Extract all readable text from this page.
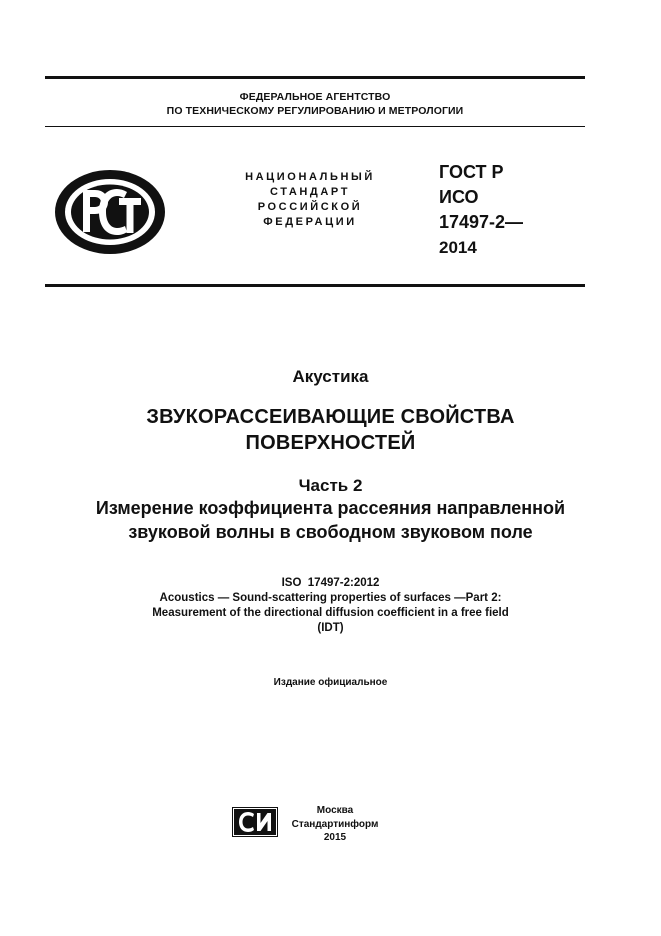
ФЕДЕРАЛЬНОЕ АГЕНТСТВО
ПО ТЕХНИЧЕСКОМУ РЕГУЛИРОВАНИЮ И МЕТРОЛОГИИ
НАЦИОНАЛЬНЫЙ
СТАНДАРТ
РОССИЙСКОЙ
ФЕДЕРАЦИИ
ГОСТ Р
ИСО
17497-2—
2014
Акустика
ЗВУКОРАССЕИВАЮЩИЕ СВОЙСТВА
ПОВЕРХНОСТЕЙ
Часть 2
Измерение коэффициента рассеяния направленной
звуковой волны в свободном звуковом поле
ISO  17497-2:2012
Acoustics — Sound-scattering properties of surfaces —Part 2:
Measurement of the directional diffusion coefficient in a free field
(IDT)
Издание официальное
Москва
Стандартинформ
2015
